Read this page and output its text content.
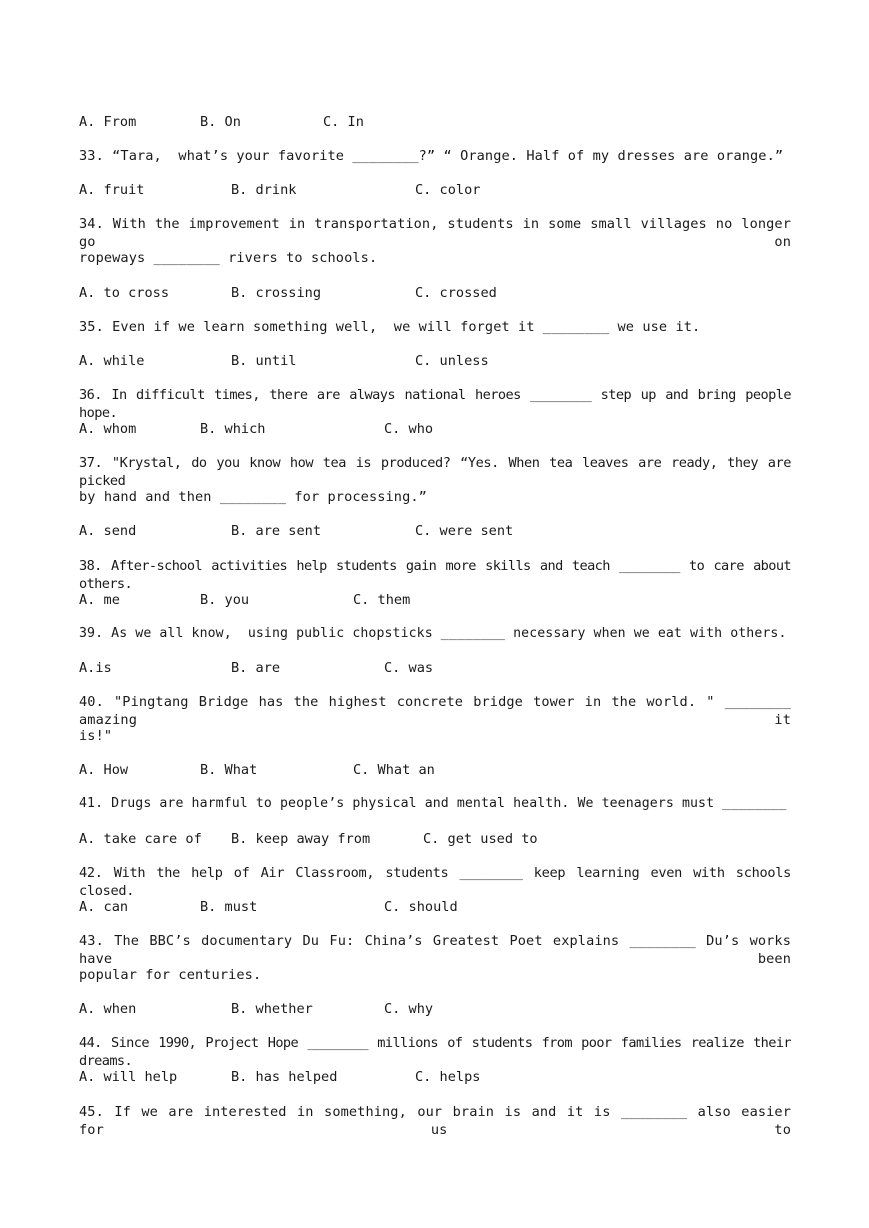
A. From	B. On	C. In
33. “Tara,  what’s your favorite ________?” “ Orange. Half of my dresses are orange.”
A. fruit	B. drink	C. color
34. With the improvement in transportation, students in some small villages no longer go on
ropeways ________ rivers to schools.
A. to cross	B. crossing	C. crossed
35. Even if we learn something well,  we will forget it ________ we use it.
A. while	B. until	C. unless
36. In difficult times, there are always national heroes ________ step up and bring people hope.
A. whom	B. which	C. who
37. "Krystal, do you know how tea is produced? “Yes. When tea leaves are ready, they are picked
by hand and then ________ for processing.”
A. send	B. are sent	C. were sent
38. After-school activities help students gain more skills and teach ________ to care about others.
A. me	B. you	C. them
39. As we all know,  using public chopsticks ________ necessary when we eat with others.
A.is	B. are	C. was
40. "Pingtang Bridge has the highest concrete bridge tower in the world. " ________ amazing it
is!"
A. How	B. What	C. What an
41. Drugs are harmful to people’s physical and mental health. We teenagers must ________
A. take care of B. keep away from	C. get used to
42. With the help of Air Classroom, students ________ keep learning even with schools closed.
A. can	B. must	C. should
43. The BBC’s documentary Du Fu: China’s Greatest Poet explains ________ Du’s works have been
popular for centuries.
A. when	B. whether	C. why
44. Since 1990, Project Hope ________ millions of students from poor families realize their dreams.
A. will help	B. has helped	C. helps
45. If we are interested in something, our brain is and it is ________ also easier for us to
